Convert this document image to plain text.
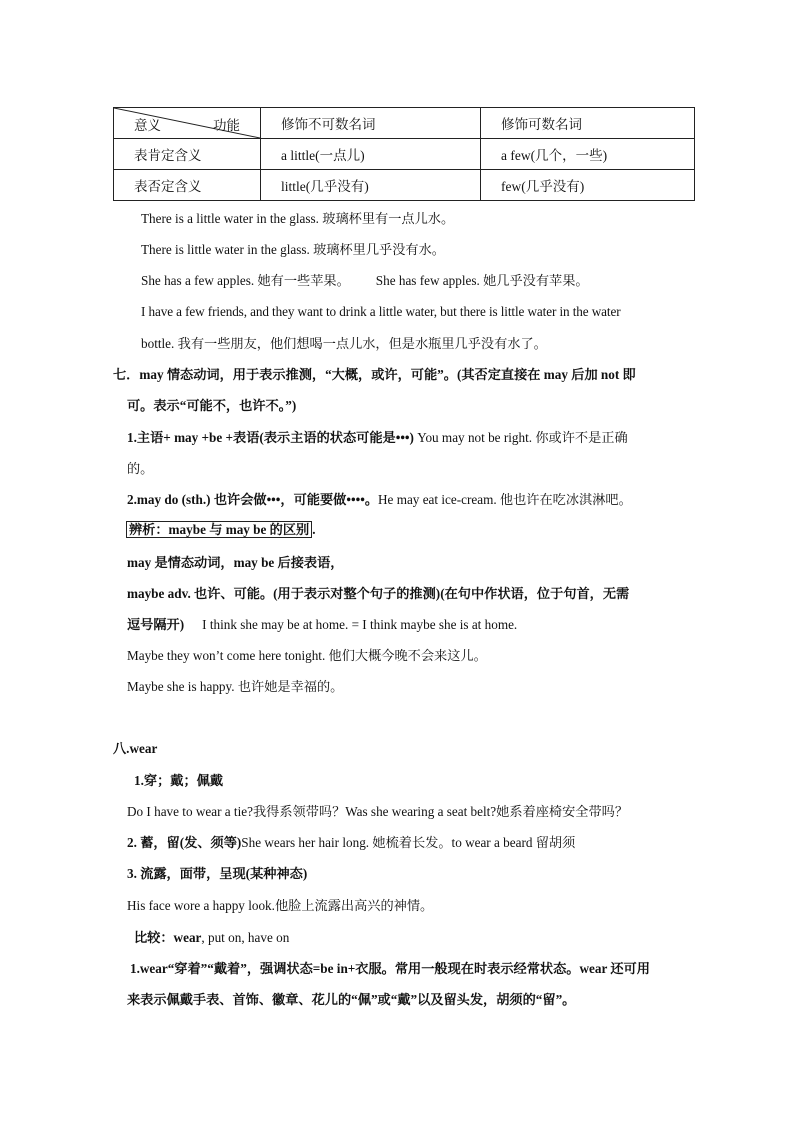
意义 功能	修饰不可数名词	修饰可数名词
表肯定含义	a little(一点儿)	a few(几个，一些)
表否定含义	little(几乎没有)	few(几乎没有)
There is a little water in the glass. 玻璃杯里有一点儿水。
There is little water in the glass. 玻璃杯里几乎没有水。
She has a few apples. 她有一些苹果。 She has few apples. 她几乎没有苹果。
I have a few friends, and they want to drink a little water, but there is little water in the water
bottle. 我有一些朋友，他们想喝一点儿水，但是水瓶里几乎没有水了。
七．may 情态动词，用于表示推测，“大概，或许，可能”。(其否定直接在 may 后加 not 即
可。表示“可能不，也许不。”)
1.主语+ may +be +表语(表示主语的状态可能是•••) You may not be right. 你或许不是正确
的。
2.may do (sth.) 也许会做•••，可能要做••••。He may eat ice-cream. 他也许在吃冰淇淋吧。
辨析：maybe 与 may be 的区别 .
may 是情态动词，may be 后接表语，
maybe adv. 也许、可能。(用于表示对整个句子的推测)(在句中作状语，位于句首，无需
逗号隔开) I think she may be at home. = I think maybe she is at home.
Maybe they won’t come here tonight. 他们大概今晚不会来这儿。
Maybe she is happy. 也许她是幸福的。
八.wear
1.穿；戴；佩戴
Do I have to wear a tie?我得系领带吗？Was she wearing a seat belt?她系着座椅安全带吗？
2. 蓄，留(发、须等)She wears her hair long. 她梳着长发。to wear a beard 留胡须
3. 流露，面带，呈现(某种神态)
His face wore a happy look.他脸上流露出高兴的神情。
比较：wear, put on, have on
1.wear“穿着”“戴着”，强调状态=be in+衣服。常用一般现在时表示经常状态。wear 还可用
来表示佩戴手表、首饰、徽章、花儿的“佩”或“戴”以及留头发，胡须的“留”。
